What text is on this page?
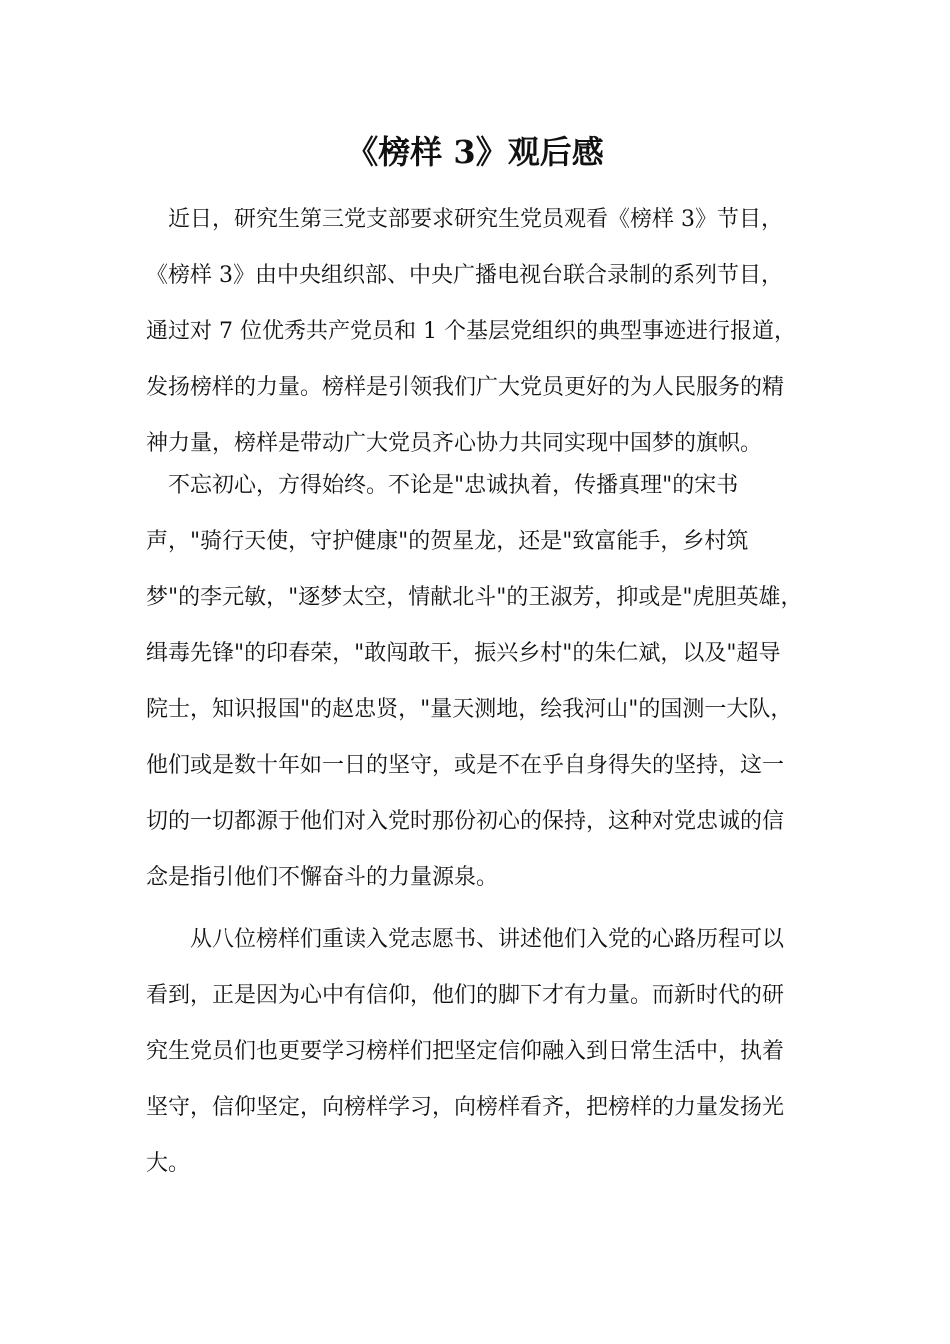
《榜样 3》观后感
近日，研究生第三党支部要求研究生党员观看《榜样 3》节目，
《榜样 3》由中央组织部、中央广播电视台联合录制的系列节目，
通过对 7 位优秀共产党员和 1 个基层党组织的典型事迹进行报道，
发扬榜样的力量。榜样是引领我们广大党员更好的为人民服务的精
神力量，榜样是带动广大党员齐心协力共同实现中国梦的旗帜。
不忘初心，方得始终。不论是"忠诚执着，传播真理"的宋书
声，"骑行天使，守护健康"的贺星龙，还是"致富能手，乡村筑
梦"的李元敏，"逐梦太空，情献北斗"的王淑芳，抑或是"虎胆英雄，
缉毒先锋"的印春荣，"敢闯敢干，振兴乡村"的朱仁斌，以及"超导
院士，知识报国"的赵忠贤，"量天测地，绘我河山"的国测一大队，
他们或是数十年如一日的坚守，或是不在乎自身得失的坚持，这一
切的一切都源于他们对入党时那份初心的保持，这种对党忠诚的信
念是指引他们不懈奋斗的力量源泉。
从八位榜样们重读入党志愿书、讲述他们入党的心路历程可以
看到，正是因为心中有信仰，他们的脚下才有力量。而新时代的研
究生党员们也更要学习榜样们把坚定信仰融入到日常生活中，执着
坚守，信仰坚定，向榜样学习，向榜样看齐，把榜样的力量发扬光
大。
